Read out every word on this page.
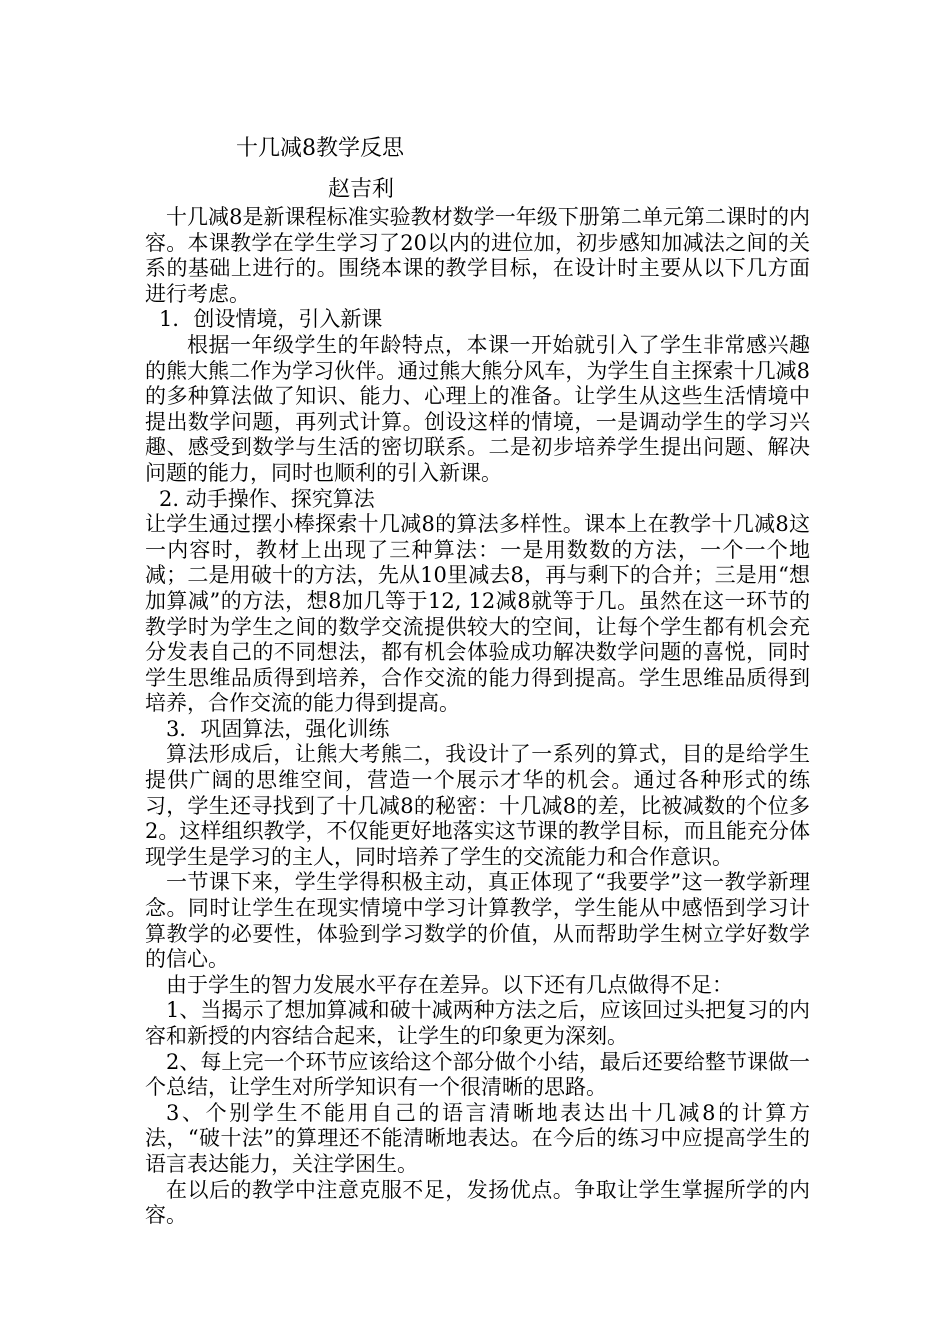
十几减8教学反思
赵吉利

十几减8是新课程标准实验教材数学一年级下册第二单元第二课时的内容。本课教学在学生学习了20以内的进位加，初步感知加减法之间的关系的基础上进行的。围绕本课的教学目标，在设计时主要从以下几方面进行考虑。

1．创设情境，引入新课

根据一年级学生的年龄特点，本课一开始就引入了学生非常感兴趣的熊大熊二作为学习伙伴。通过熊大熊分风车，为学生自主探索十几减8的多种算法做了知识、能力、心理上的准备。让学生从这些生活情境中提出数学问题，再列式计算。创设这样的情境，一是调动学生的学习兴趣、感受到数学与生活的密切联系。二是初步培养学生提出问题、解决问题的能力，同时也顺利的引入新课。

2. 动手操作、探究算法

让学生通过摆小棒探索十几减8的算法多样性。课本上在教学十几减8这一内容时，教材上出现了三种算法：一是用数数的方法，一个一个地减；二是用破十的方法，先从10里减去8，再与剩下的合并；三是用“想加算减”的方法，想8加几等于12, 12减8就等于几。虽然在这一环节的教学时为学生之间的数学交流提供较大的空间，让每个学生都有机会充分发表自己的不同想法，都有机会体验成功解决数学问题的喜悦，同时学生思维品质得到培养，合作交流的能力得到提高。学生思维品质得到培养，合作交流的能力得到提高。

3．巩固算法，强化训练

算法形成后，让熊大考熊二，我设计了一系列的算式，目的是给学生提供广阔的思维空间，营造一个展示才华的机会。通过各种形式的练习，学生还寻找到了十几减8的秘密：十几减8的差，比被减数的个位多2。这样组织教学，不仅能更好地落实这节课的教学目标，而且能充分体现学生是学习的主人，同时培养了学生的交流能力和合作意识。

一节课下来，学生学得积极主动，真正体现了“我要学”这一教学新理念。同时让学生在现实情境中学习计算教学，学生能从中感悟到学习计算教学的必要性，体验到学习数学的价值，从而帮助学生树立学好数学的信心。

由于学生的智力发展水平存在差异。以下还有几点做得不足：

1、当揭示了想加算减和破十减两种方法之后，应该回过头把复习的内容和新授的内容结合起来，让学生的印象更为深刻。

2、每上完一个环节应该给这个部分做个小结，最后还要给整节课做一个总结，让学生对所学知识有一个很清晰的思路。

3、个别学生不能用自己的语言清晰地表达出十几减8的计算方法，“破十法”的算理还不能清晰地表达。在今后的练习中应提高学生的语言表达能力，关注学困生。

在以后的教学中注意克服不足，发扬优点。争取让学生掌握所学的内容。
